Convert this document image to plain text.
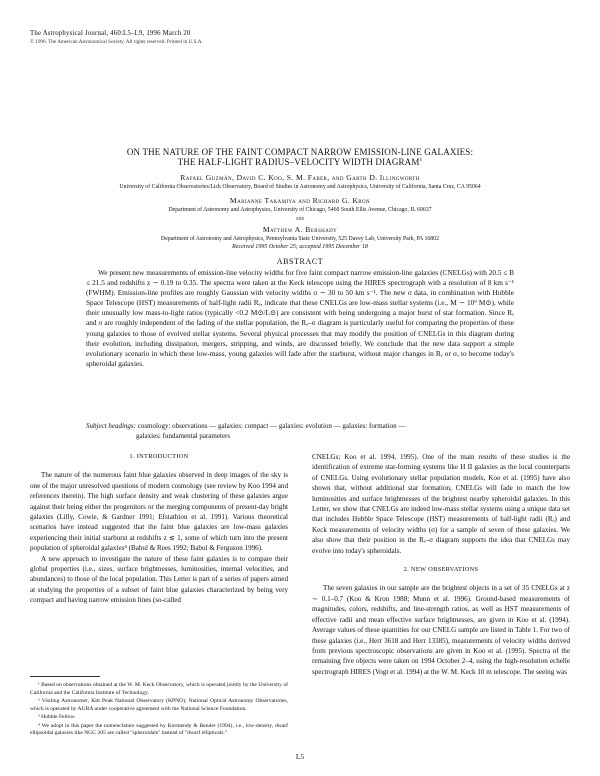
The Astrophysical Journal, 460:L5–L9, 1996 March 20
© 1996. The American Astronomical Society. All rights reserved. Printed in U.S.A.
ON THE NATURE OF THE FAINT COMPACT NARROW EMISSION-LINE GALAXIES:
THE HALF-LIGHT RADIUS–VELOCITY WIDTH DIAGRAM$^1$
Rafael Guzmán, David C. Koo, S. M. Faber, and Garth D. Illingworth
University of California Observatories/Lick Observatory, Board of Studies in Astronomy and Astrophysics, University of California, Santa Cruz, CA 95064
Marianne Takamiya and Richard G. Kron
Department of Astronomy and Astrophysics, University of Chicago, 5460 South Ellis Avenue, Chicago, IL 60637
and
Matthew A. Bershady
Department of Astronomy and Astrophysics, Pennsylvania State University, 525 Davey Lab, University Park, PA 16802
Received 1995 October 25; accepted 1995 December 18
ABSTRACT
We present new measurements of emission-line velocity widths for five faint compact narrow emission-line galaxies (CNELGs) with 20.5 ≤ B ≤ 21.5 and redshifts z ∼ 0.19 to 0.35. The spectra were taken at the Keck telescope using the HIRES spectrograph with a resolution of 8 km s⁻¹ (FWHM). Emission-line profiles are roughly Gaussian with velocity widths σ ∼ 30 to 50 km s⁻¹. The new σ data, in combination with Hubble Space Telescope (HST) measurements of half-light radii Rₑ, indicate that these CNELGs are low-mass stellar systems (i.e., M ∼ 10⁹ M⊙), while their unusually low mass-to-light ratios (typically <0.2 M⊙/L⊙) are consistent with being undergoing a major burst of star formation. Since Rₑ and σ are roughly independent of the fading of the stellar population, the Rₑ–σ diagram is particularly useful for comparing the properties of these young galaxies to those of evolved stellar systems. Several physical processes that may modify the position of CNELGs in this diagram during their evolution, including dissipation, mergers, stripping, and winds, are discussed briefly. We conclude that the new data support a simple evolutionary scenario in which these low-mass, young galaxies will fade after the starburst, without major changes in Rₑ or σ, to become today's spheroidal galaxies.
Subject headings: cosmology: observations — galaxies: compact — galaxies: evolution — galaxies: formation —
galaxies: fundamental parameters
1. INTRODUCTION

The nature of the numerous faint blue galaxies observed in deep images of the sky is one of the major unresolved questions of modern cosmology (see review by Koo 1994 and references therein). The high surface density and weak clustering of these galaxies argue against their being either the progenitors or the merging components of present-day bright galaxies (Lilly, Cowie, & Gardner 1991; Efstathiou et al. 1991). Various theoretical scenarios have instead suggested that the faint blue galaxies are low-mass galaxies experiencing their initial starburst at redshifts z ≲ 1, some of which turn into the present population of spheroidal galaxies⁴ (Babul & Rees 1992; Babul & Ferguson 1996).

A new approach to investigate the nature of these faint galaxies is to compare their global properties (i.e., sizes, surface brightnesses, luminosities, internal velocities, and abundances) to those of the local population. This Letter is part of a series of papers aimed at studying the properties of a subset of faint blue galaxies characterized by being very compact and having narrow emission lines (so-called

CNELGs; Koo et al. 1994, 1995). One of the main results of these studies is the identification of extreme star-forming systems like H II galaxies as the local counterparts of CNELGs. Using evolutionary stellar population models, Koo et al. (1995) have also shown that, without additional star formation, CNELGs will fade to match the low luminosities and surface brightnesses of the brightest nearby spheroidal galaxies. In this Letter, we show that CNELGs are indeed low-mass stellar systems using a unique data set that includes Hubble Space Telescope (HST) measurements of half-light radii (Rₑ) and Keck measurements of velocity widths (σ) for a sample of seven of these galaxies. We also show that their position in the Rₑ–σ diagram supports the idea that CNELGs may evolve into today's spheroidals.

2. NEW OBSERVATIONS

The seven galaxies in our sample are the brightest objects in a set of 35 CNELGs at z ∼ 0.1–0.7 (Koo & Kron 1988; Munn et al. 1996). Ground-based measurements of magnitudes, colors, redshifts, and line-strength ratios, as well as HST measurements of effective radii and mean effective surface brightnesses, are given in Koo et al. (1994). Average values of these quantities for our CNELG sample are listed in Table 1. For two of these galaxies (i.e., Herr 3618 and Herr 13385), measurements of velocity widths derived from previous spectroscopic observations are given in Koo et al. (1995). Spectra of the remaining five objects were taken on 1994 October 2–4, using the high-resolution echelle spectrograph HIRES (Vogt et al. 1994) at the W. M. Keck 10 m telescope. The seeing was

¹ Based on observations obtained at the W. M. Keck Observatory, which is operated jointly by the University of California and the California Institute of Technology.

² Visiting Astronomer, Kitt Peak National Observatory (KPNO), National Optical Astronomy Observatories, which is operated by AURA under cooperative agreement with the National Science Foundation.

³ Hubble Fellow.

⁴ We adopt in this paper the nomenclature suggested by Kormendy & Bender (1994), i.e., low-density, dwarf ellipsoidal galaxies like NGC 205 are called "spheroidals" instead of "dwarf ellipticals."

L5
